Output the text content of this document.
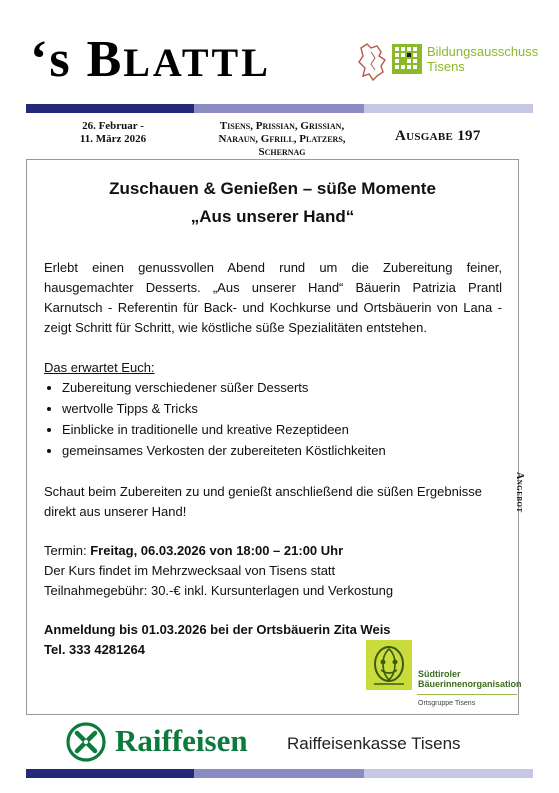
‘s BLATTL	Bildungsausschuss
Tisens
26. Februar -
11. März 2026
Tisens, Prissian, Grissian,
Naraun, Gfrill, Platzers,
Schernag
Ausgabe 197
Zuschauen & Genießen – süße Momente
„Aus unserer Hand“
Erlebt einen genussvollen Abend rund um die Zubereitung feiner, hausgemachter Desserts. „Aus unserer Hand“ Bäuerin Patrizia Prantl Karnutsch - Referentin für Back- und Kochkurse und Ortsbäuerin von Lana - zeigt Schritt für Schritt, wie köstliche süße Spezialitäten entstehen.
Das erwartet Euch:
• Zubereitung verschiedener süßer Desserts
• wertvolle Tipps & Tricks
• Einblicke in traditionelle und kreative Rezeptideen
• gemeinsames Verkosten der zubereiteten Köstlichkeiten
Schaut beim Zubereiten zu und genießt anschließend die süßen Ergebnisse direkt aus unserer Hand!
Termin: Freitag, 06.03.2026 von 18:00 – 21:00 Uhr
Der Kurs findet im Mehrzwecksaal von Tisens statt
Teilnahmegebühr: 30.-€ inkl. Kursunterlagen und Verkostung
Anmeldung bis 01.03.2026 bei der Ortsbäuerin Zita Weis
Tel. 333 4281264
Südtiroler
Bäuerinnenorganisation
Ortsgruppe Tisens
Angebot
Raiffeisen Raiffeisenkasse Tisens
